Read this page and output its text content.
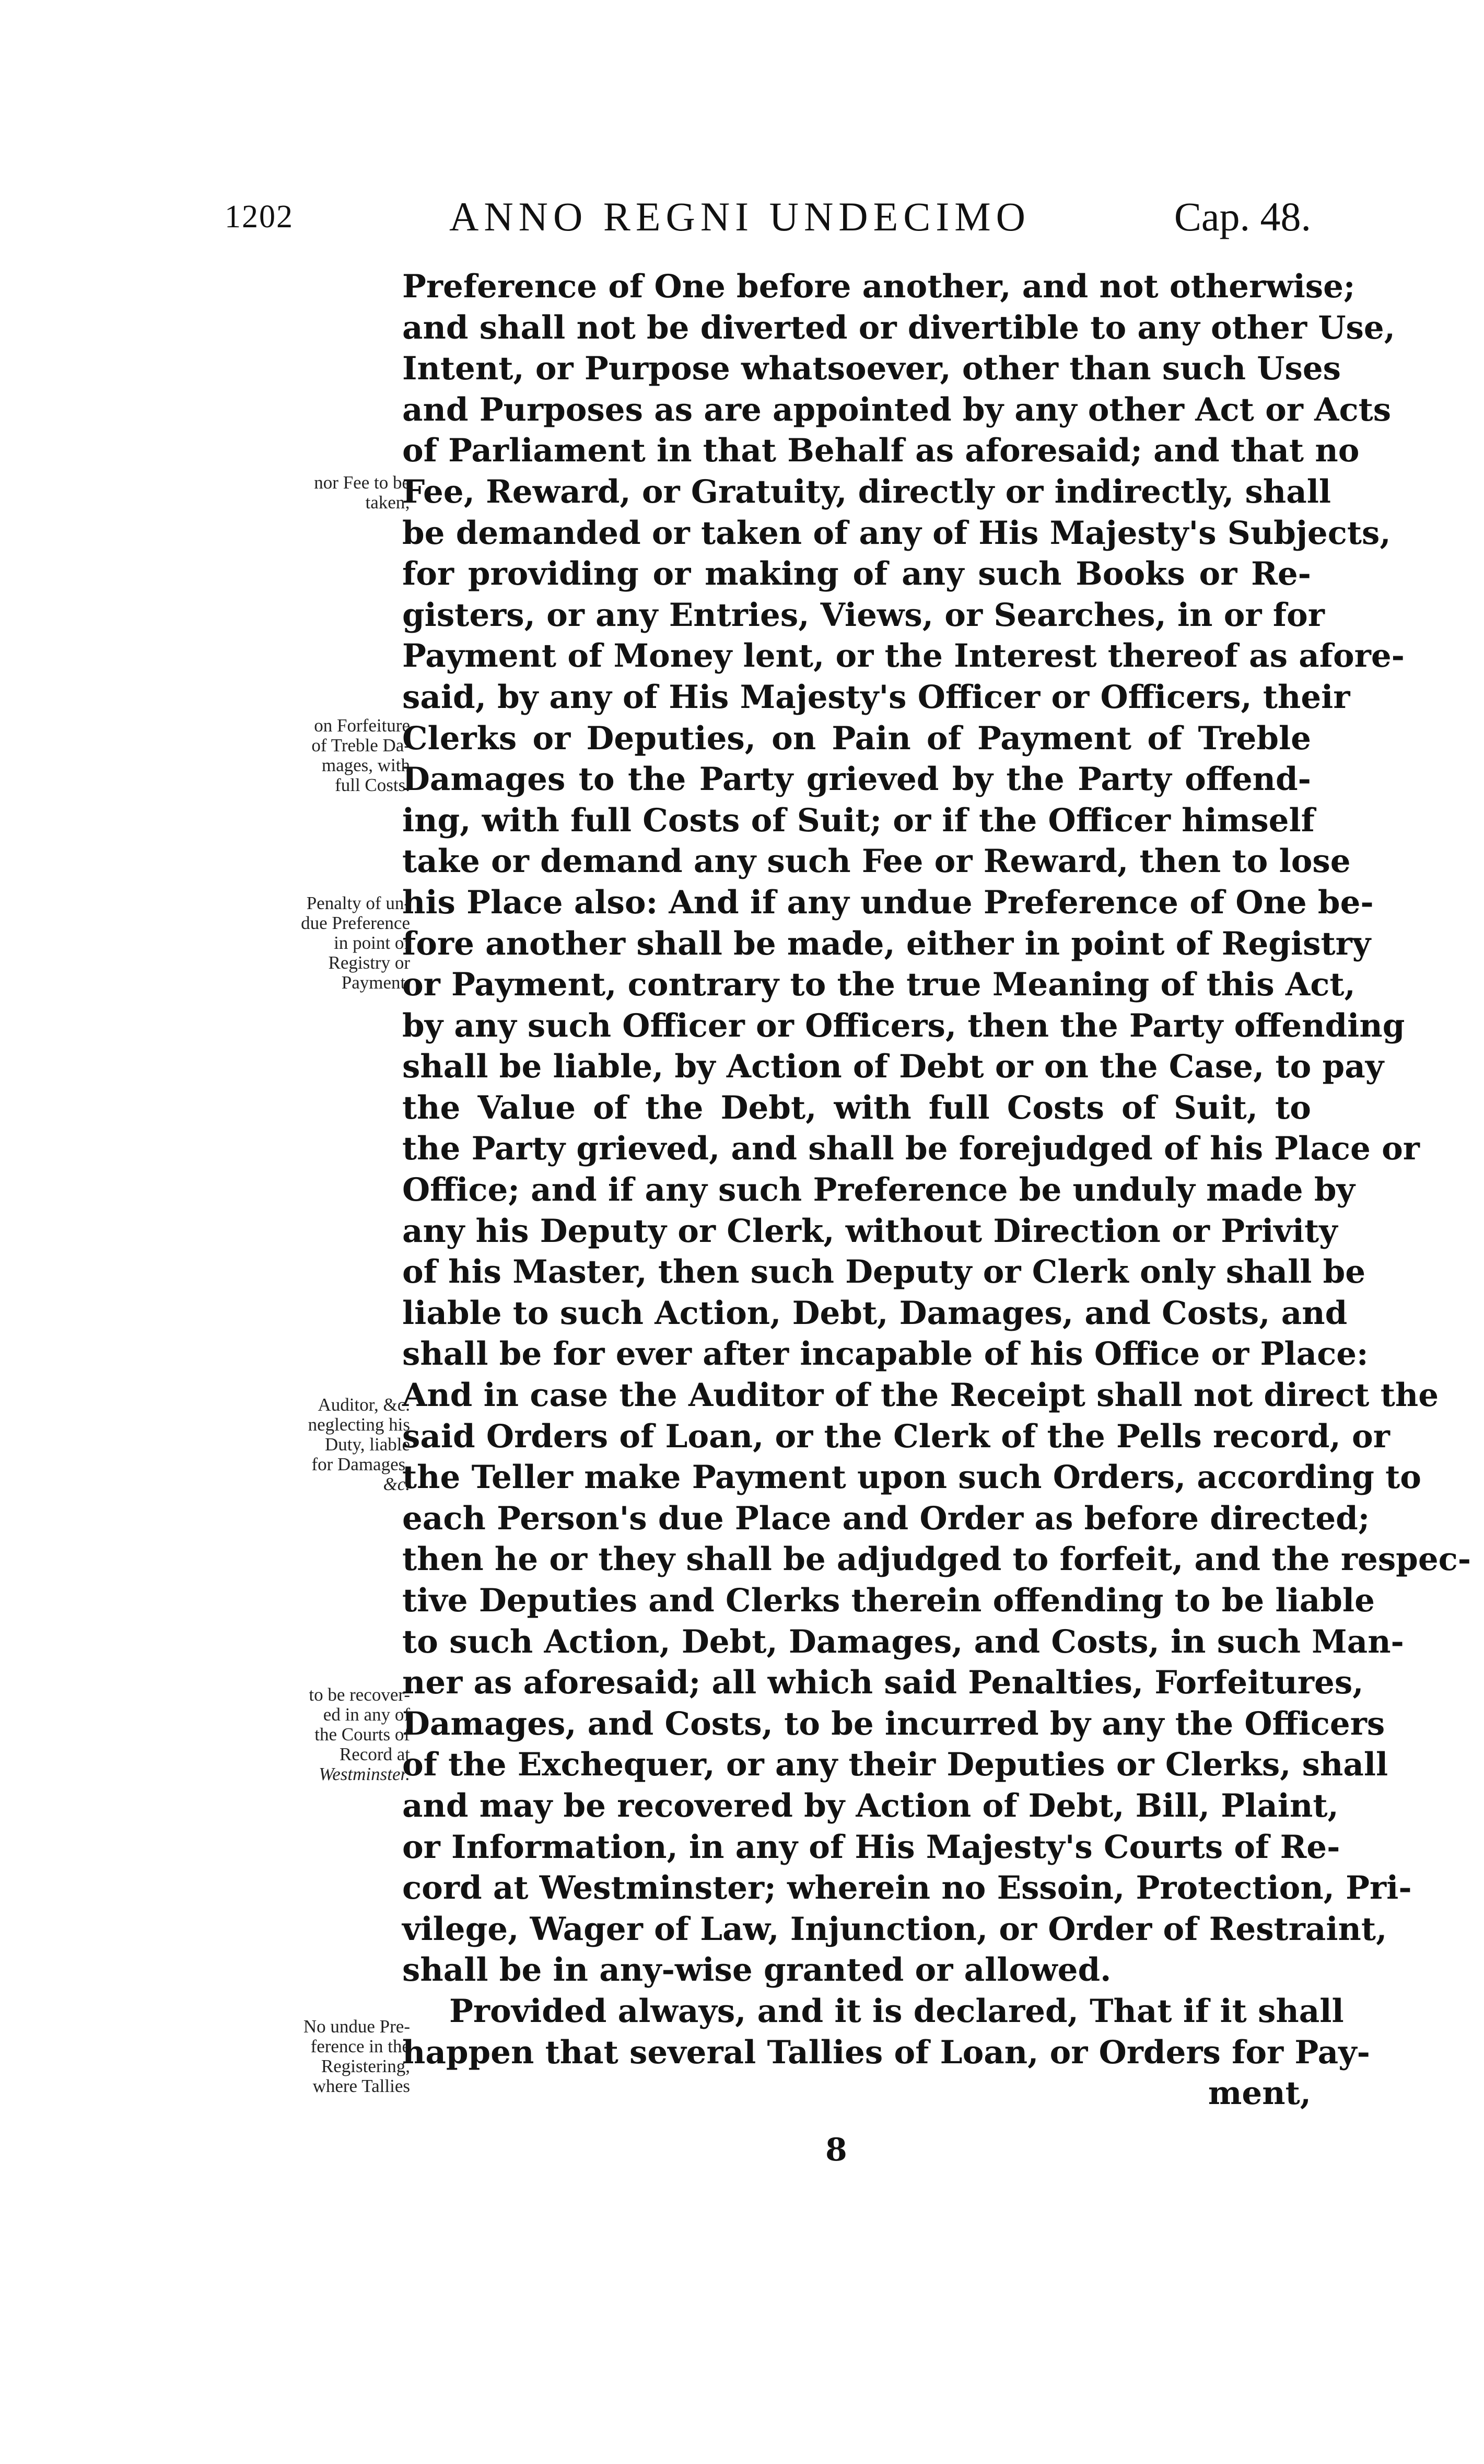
1202	ANNO REGNI UNDECIMO	Cap. 48.
nor Fee to be
taken;
on Forfeiture
of Treble Da-
mages, with
full Costs.
Penalty of un-
due Preference
in point of
Registry or
Payment.
Auditor, &c.
neglecting his
Duty, liable
for Damages,
&c.
to be recover-
ed in any of
the Courts of
Record at
Westminster.
No undue Pre-
ference in the
Registering,
where Tallies
Preference of One before another, and not otherwise;
and shall not be diverted or divertible to any other Use,
Intent, or Purpose whatsoever, other than such Uses
and Purposes as are appointed by any other Act or Acts
of Parliament in that Behalf as aforesaid; and that no
Fee, Reward, or Gratuity, directly or indirectly, shall
be demanded or taken of any of His Majesty's Subjects,
for providing or making of any such Books or Re-
gisters, or any Entries, Views, or Searches, in or for
Payment of Money lent, or the Interest thereof as afore-
said, by any of His Majesty's Officer or Officers, their
Clerks or Deputies, on Pain of Payment of Treble
Damages to the Party grieved by the Party offend-
ing, with full Costs of Suit; or if the Officer himself
take or demand any such Fee or Reward, then to lose
his Place also: And if any undue Preference of One be-
fore another shall be made, either in point of Registry
or Payment, contrary to the true Meaning of this Act,
by any such Officer or Officers, then the Party offending
shall be liable, by Action of Debt or on the Case, to pay
the Value of the Debt, with full Costs of Suit, to
the Party grieved, and shall be forejudged of his Place or
Office; and if any such Preference be unduly made by
any his Deputy or Clerk, without Direction or Privity
of his Master, then such Deputy or Clerk only shall be
liable to such Action, Debt, Damages, and Costs, and
shall be for ever after incapable of his Office or Place:
And in case the Auditor of the Receipt shall not direct the
said Orders of Loan, or the Clerk of the Pells record, or
the Teller make Payment upon such Orders, according to
each Person's due Place and Order as before directed;
then he or they shall be adjudged to forfeit, and the respec-
tive Deputies and Clerks therein offending to be liable
to such Action, Debt, Damages, and Costs, in such Man-
ner as aforesaid; all which said Penalties, Forfeitures,
Damages, and Costs, to be incurred by any the Officers
of the Exchequer, or any their Deputies or Clerks, shall
and may be recovered by Action of Debt, Bill, Plaint,
or Information, in any of His Majesty's Courts of Re-
cord at Westminster; wherein no Essoin, Protection, Pri-
vilege, Wager of Law, Injunction, or Order of Restraint,
shall be in any-wise granted or allowed.
Provided always, and it is declared, That if it shall
happen that several Tallies of Loan, or Orders for Pay-
ment,
8
